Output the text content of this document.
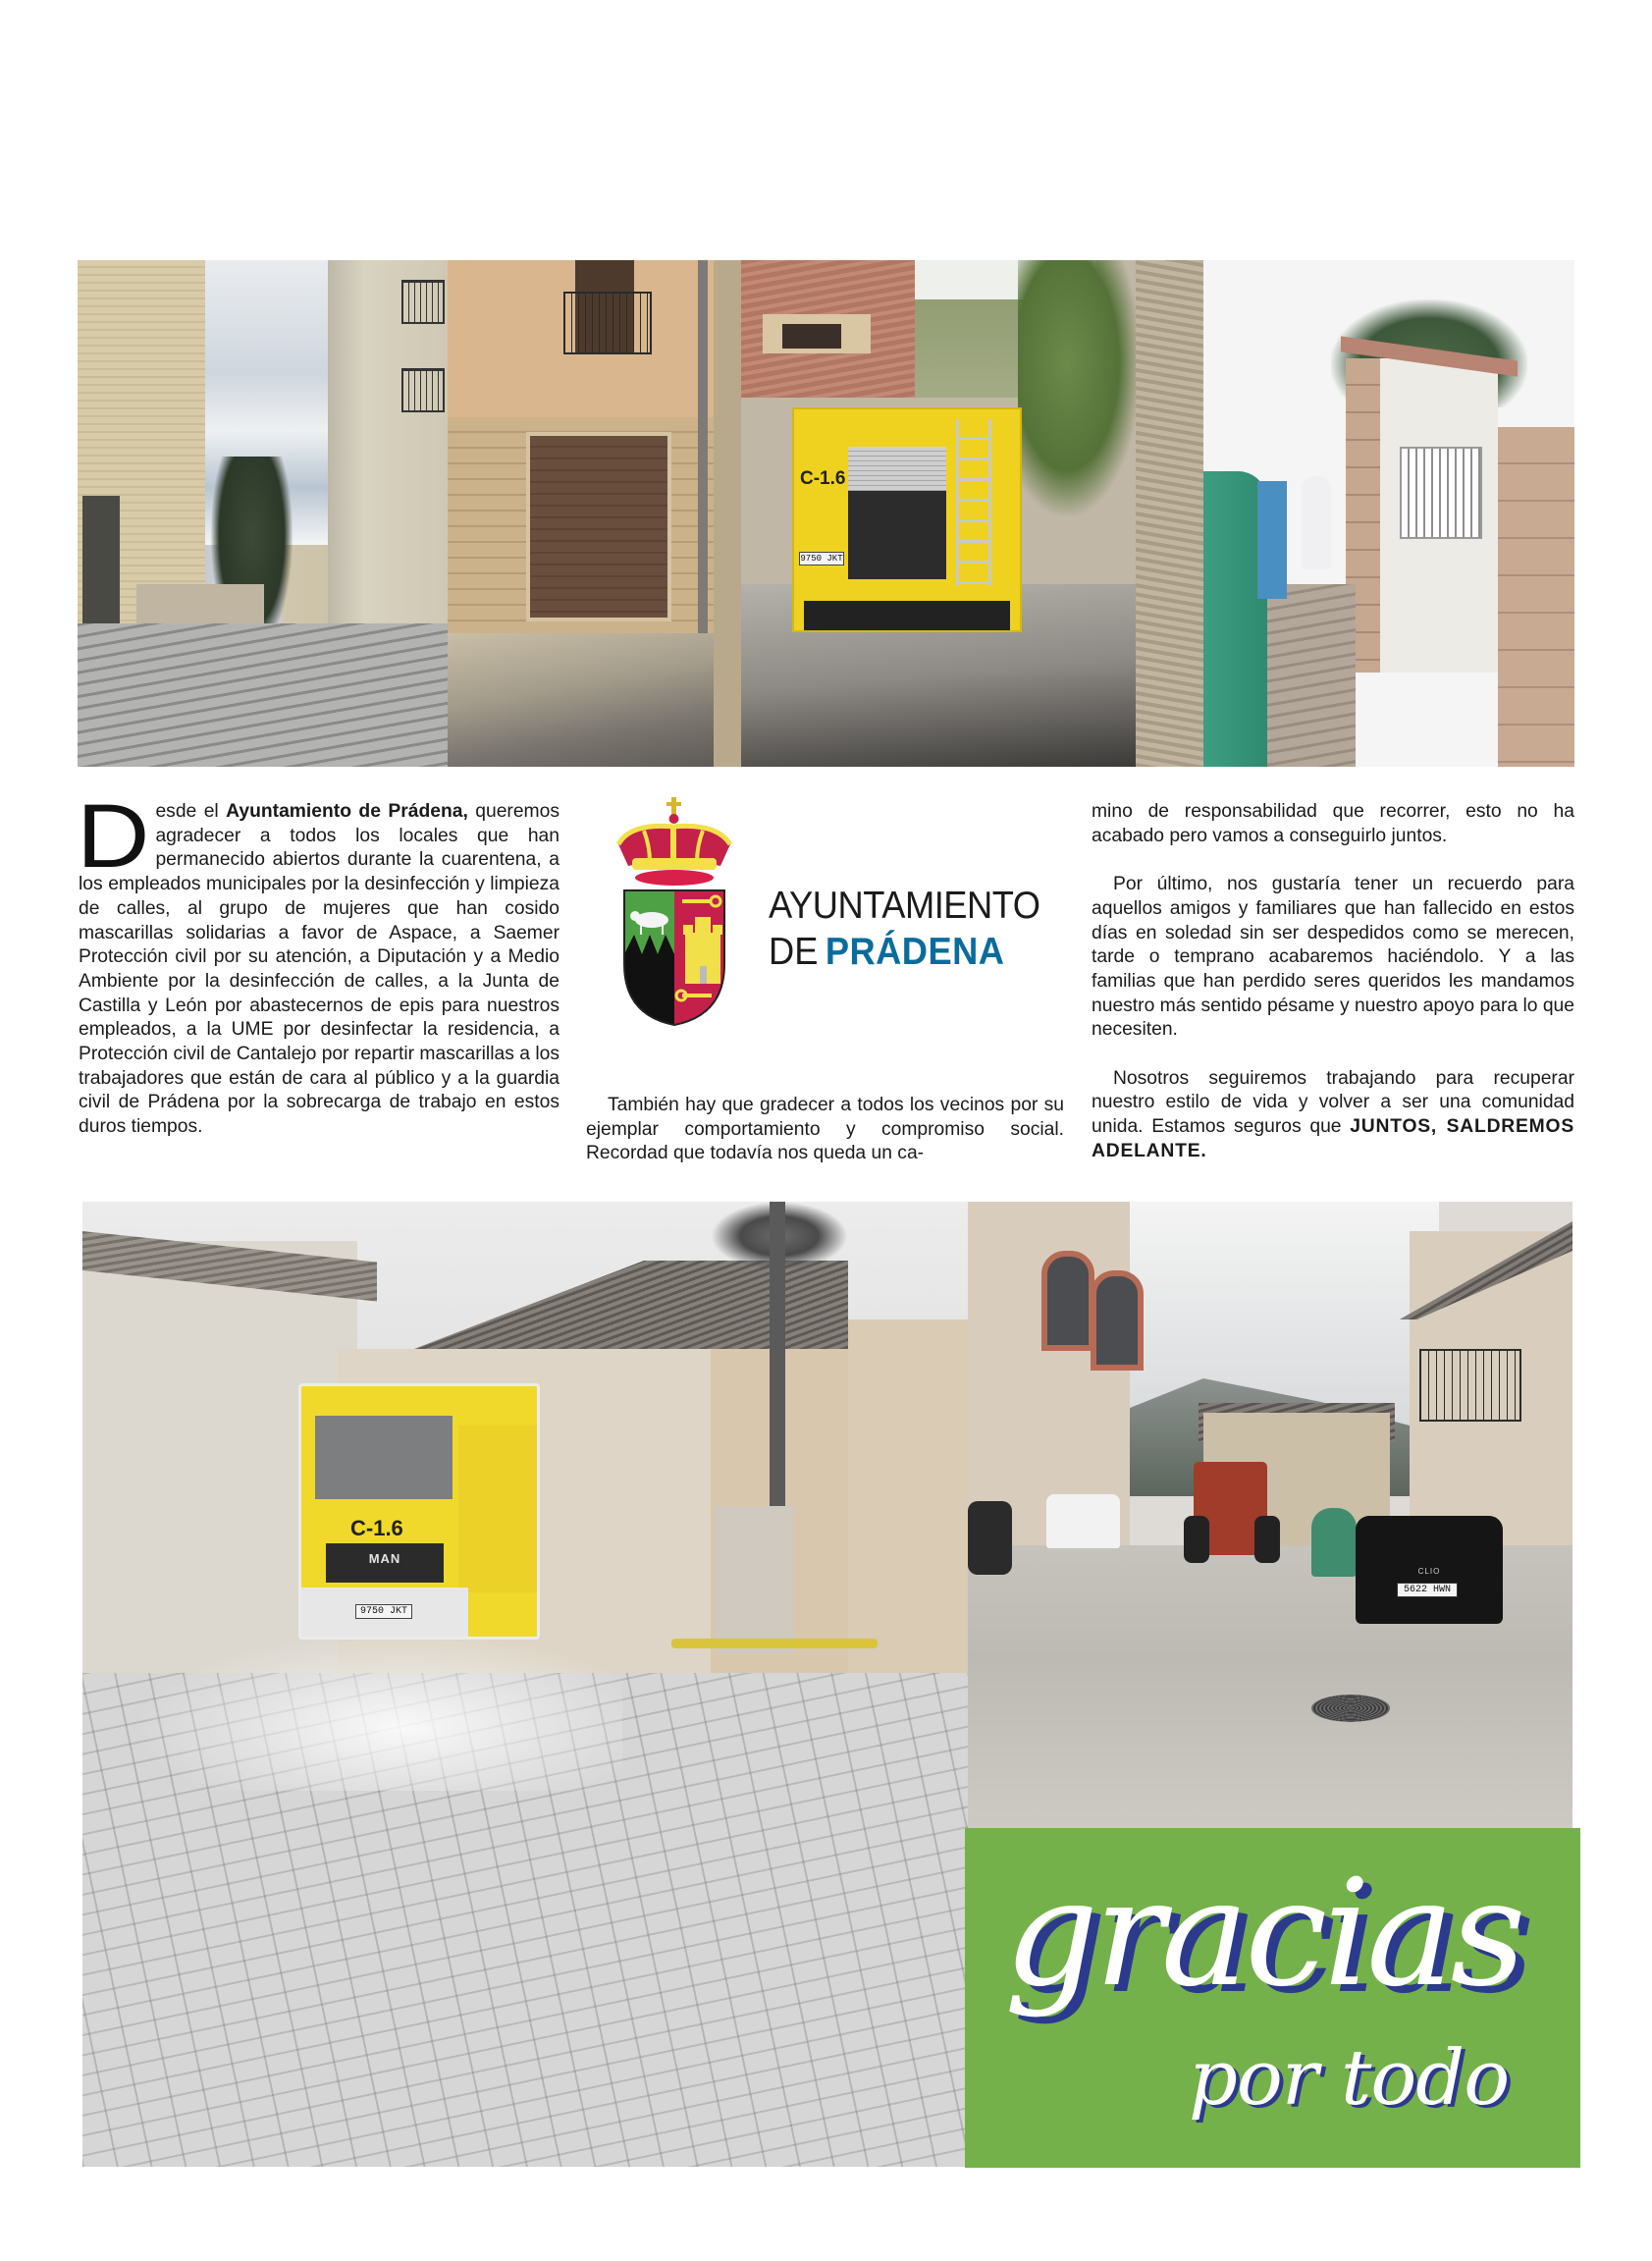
C-1.6
9750 JKT

Desde el Ayuntamiento de Prádena, queremos agradecer a todos los locales que han permanecido abiertos durante la cuarentena, a los empleados municipales por la desinfección y limpieza de calles, al grupo de mujeres que han cosido mascarillas solidarias a favor de Aspace, a Saemer Protección civil por su atención, a Diputación y a Medio Ambiente por la desinfección de calles, a la Junta de Castilla y León por abastecernos de epis para nuestros empleados, a la UME por desinfectar la residencia, a Protección civil de Cantalejo por repartir mascarillas a los trabajadores que están de cara al público y a la guardia civil de Prádena por la sobrecarga de trabajo en estos duros tiempos.

AYUNTAMIENTO
DE PRÁDENA

También hay que gradecer a todos los vecinos por su ejemplar comportamiento y compromiso social. Recordad que todavía nos queda un ca-

mino de responsabilidad que recorrer, esto no ha acabado pero vamos a conseguirlo juntos.

Por último, nos gustaría tener un recuerdo para aquellos amigos y familiares que han fallecido en estos días en soledad sin ser despedidos como se merecen, tarde o temprano acabaremos haciéndolo. Y a las familias que han perdido seres queridos les mandamos nuestro más sentido pésame y nuestro apoyo para lo que necesiten.

Nosotros seguiremos trabajando para recuperar nuestro estilo de vida y volver a ser una comunidad unida. Estamos seguros que JUNTOS, SALDREMOS ADELANTE.

C-1.6
MAN
9750 JKT
CLIO
5622 HWN
gracias
por todo
